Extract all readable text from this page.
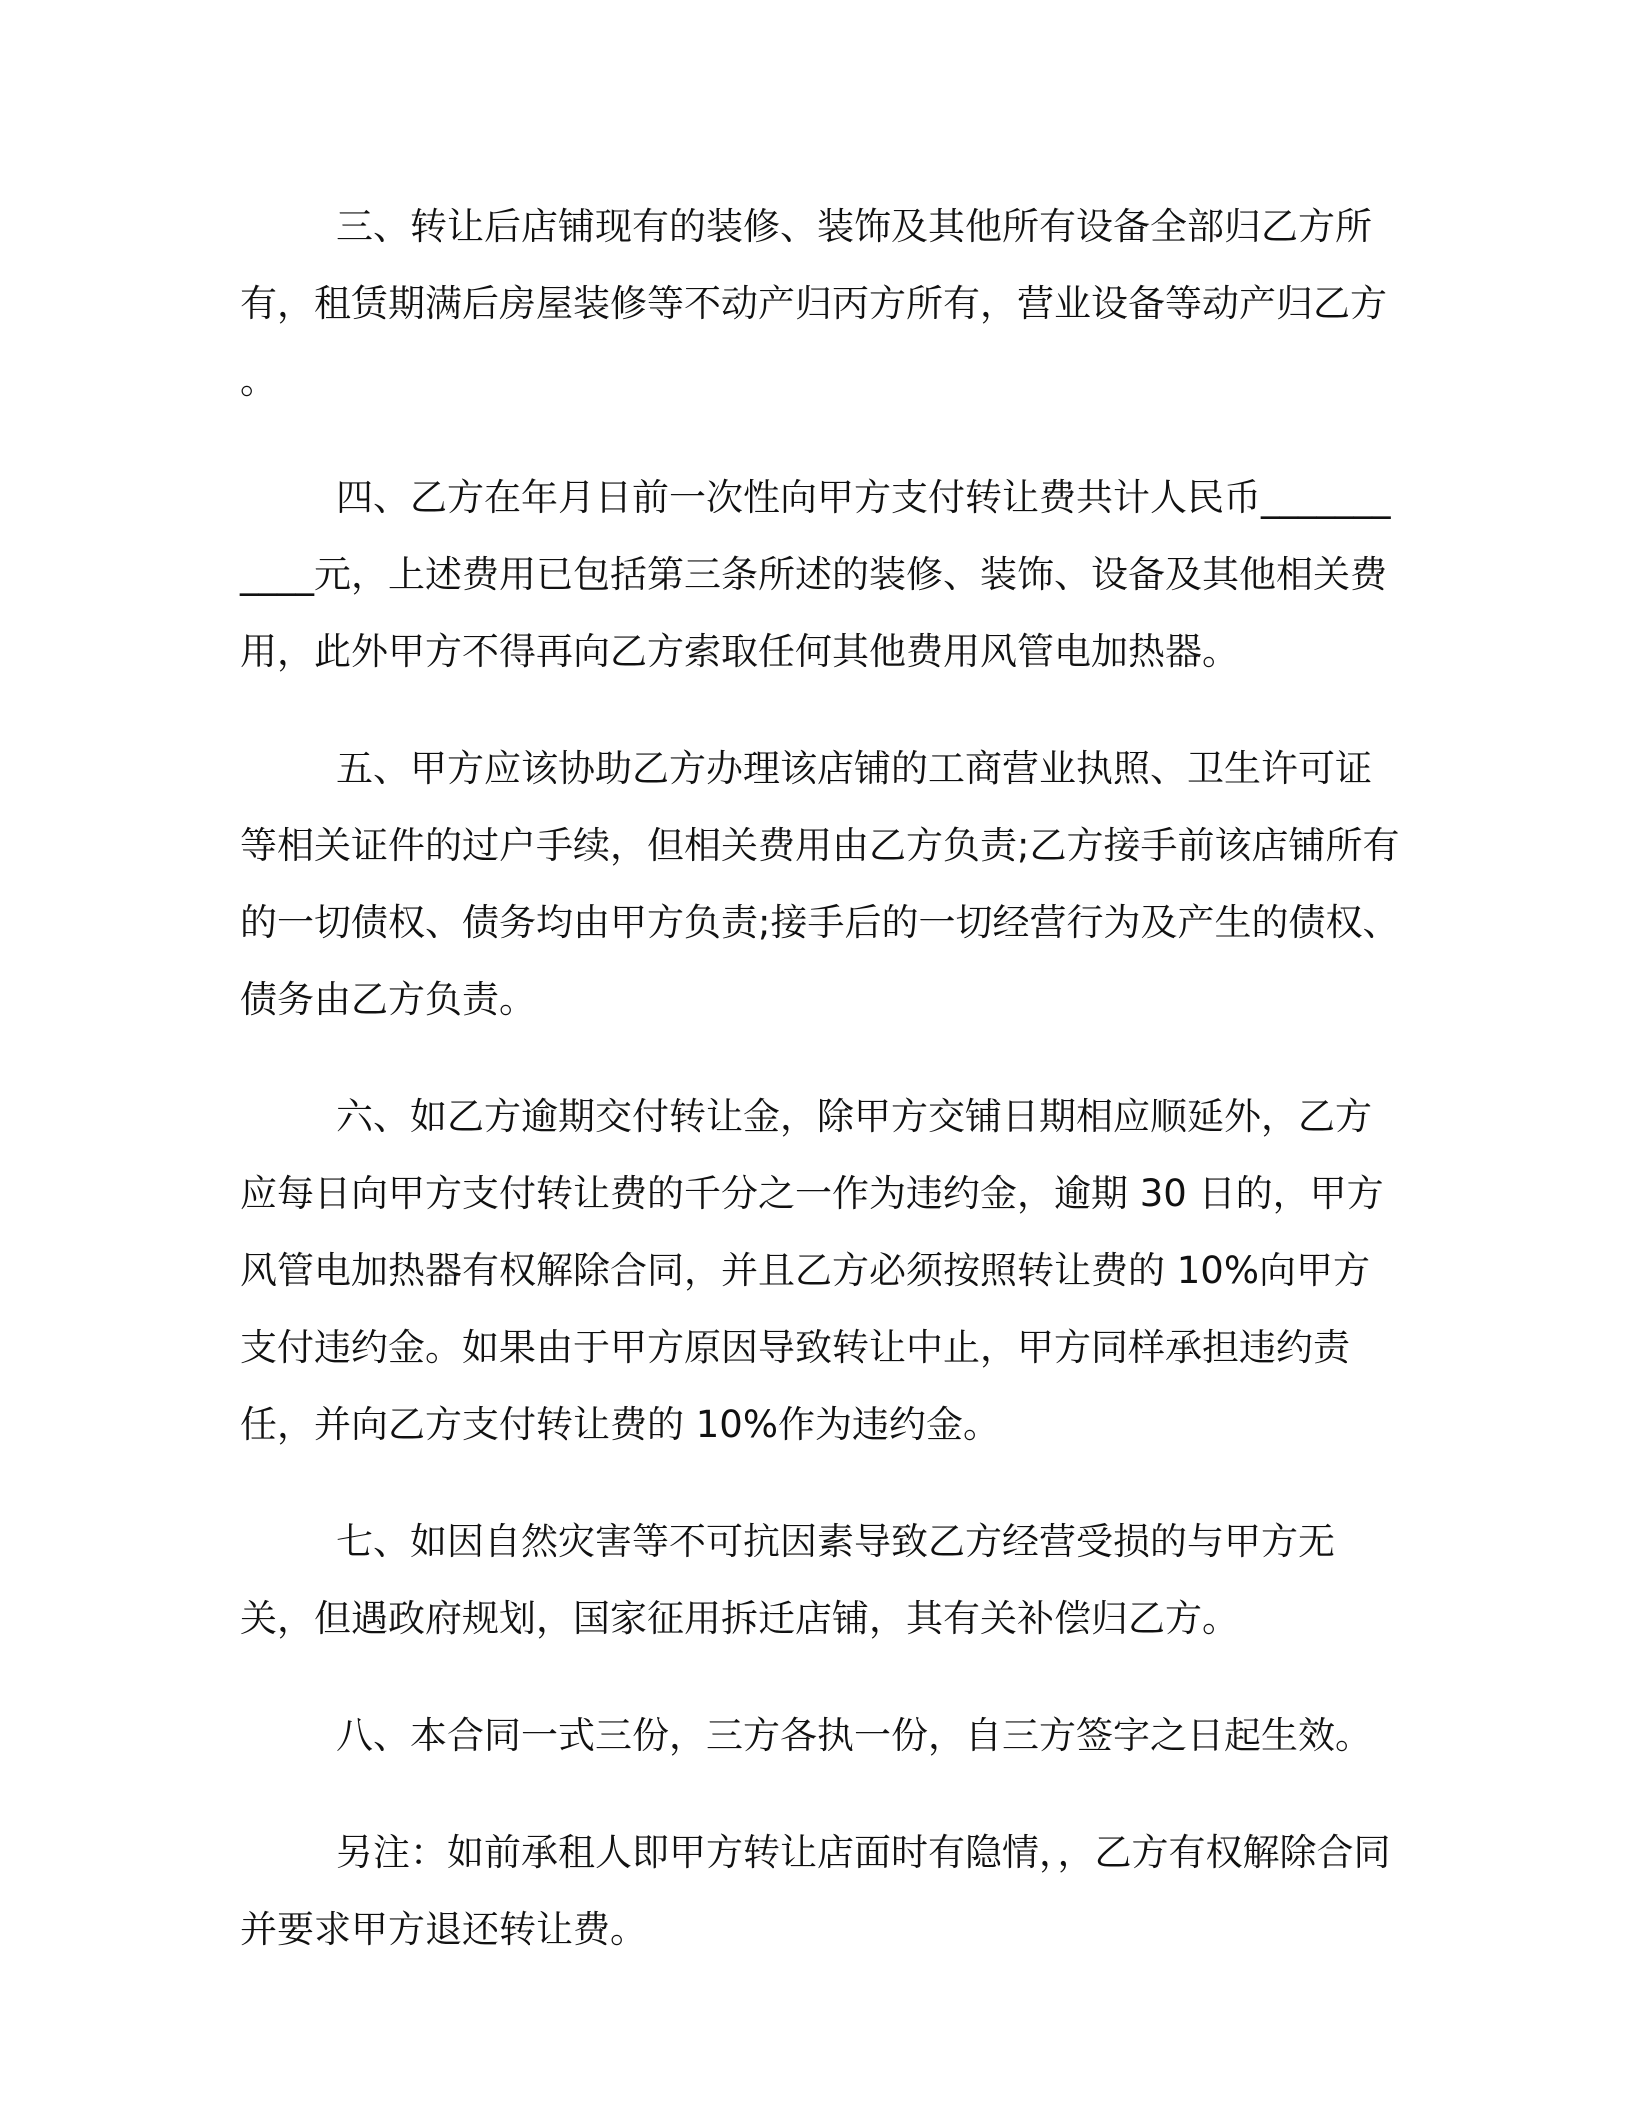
三、转让后店铺现有的装修、装饰及其他所有设备全部归乙方所有，租赁期满后房屋装修等不动产归丙方所有，营业设备等动产归乙方 。

四、乙方在年月日前一次性向甲方支付转让费共计人民币___________元，上述费用已包括第三条所述的装修、装饰、设备及其他相关费用，此外甲方不得再向乙方索取任何其他费用风管电加热器。

五、甲方应该协助乙方办理该店铺的工商营业执照、卫生许可证等相关证件的过户手续，但相关费用由乙方负责;乙方接手前该店铺所有的一切债权、债务均由甲方负责;接手后的一切经营行为及产生的债权、债务由乙方负责。

六、如乙方逾期交付转让金，除甲方交铺日期相应顺延外，乙方应每日向甲方支付转让费的千分之一作为违约金，逾期 30 日的，甲方风管电加热器有权解除合同，并且乙方必须按照转让费的 10%向甲方支付违约金。如果由于甲方原因导致转让中止，甲方同样承担违约责任，并向乙方支付转让费的 10%作为违约金。

七、如因自然灾害等不可抗因素导致乙方经营受损的与甲方无关，但遇政府规划，国家征用拆迁店铺，其有关补偿归乙方。

八、本合同一式三份，三方各执一份，自三方签字之日起生效。

另注：如前承租人即甲方转让店面时有隐情，，乙方有权解除合同并要求甲方退还转让费。
